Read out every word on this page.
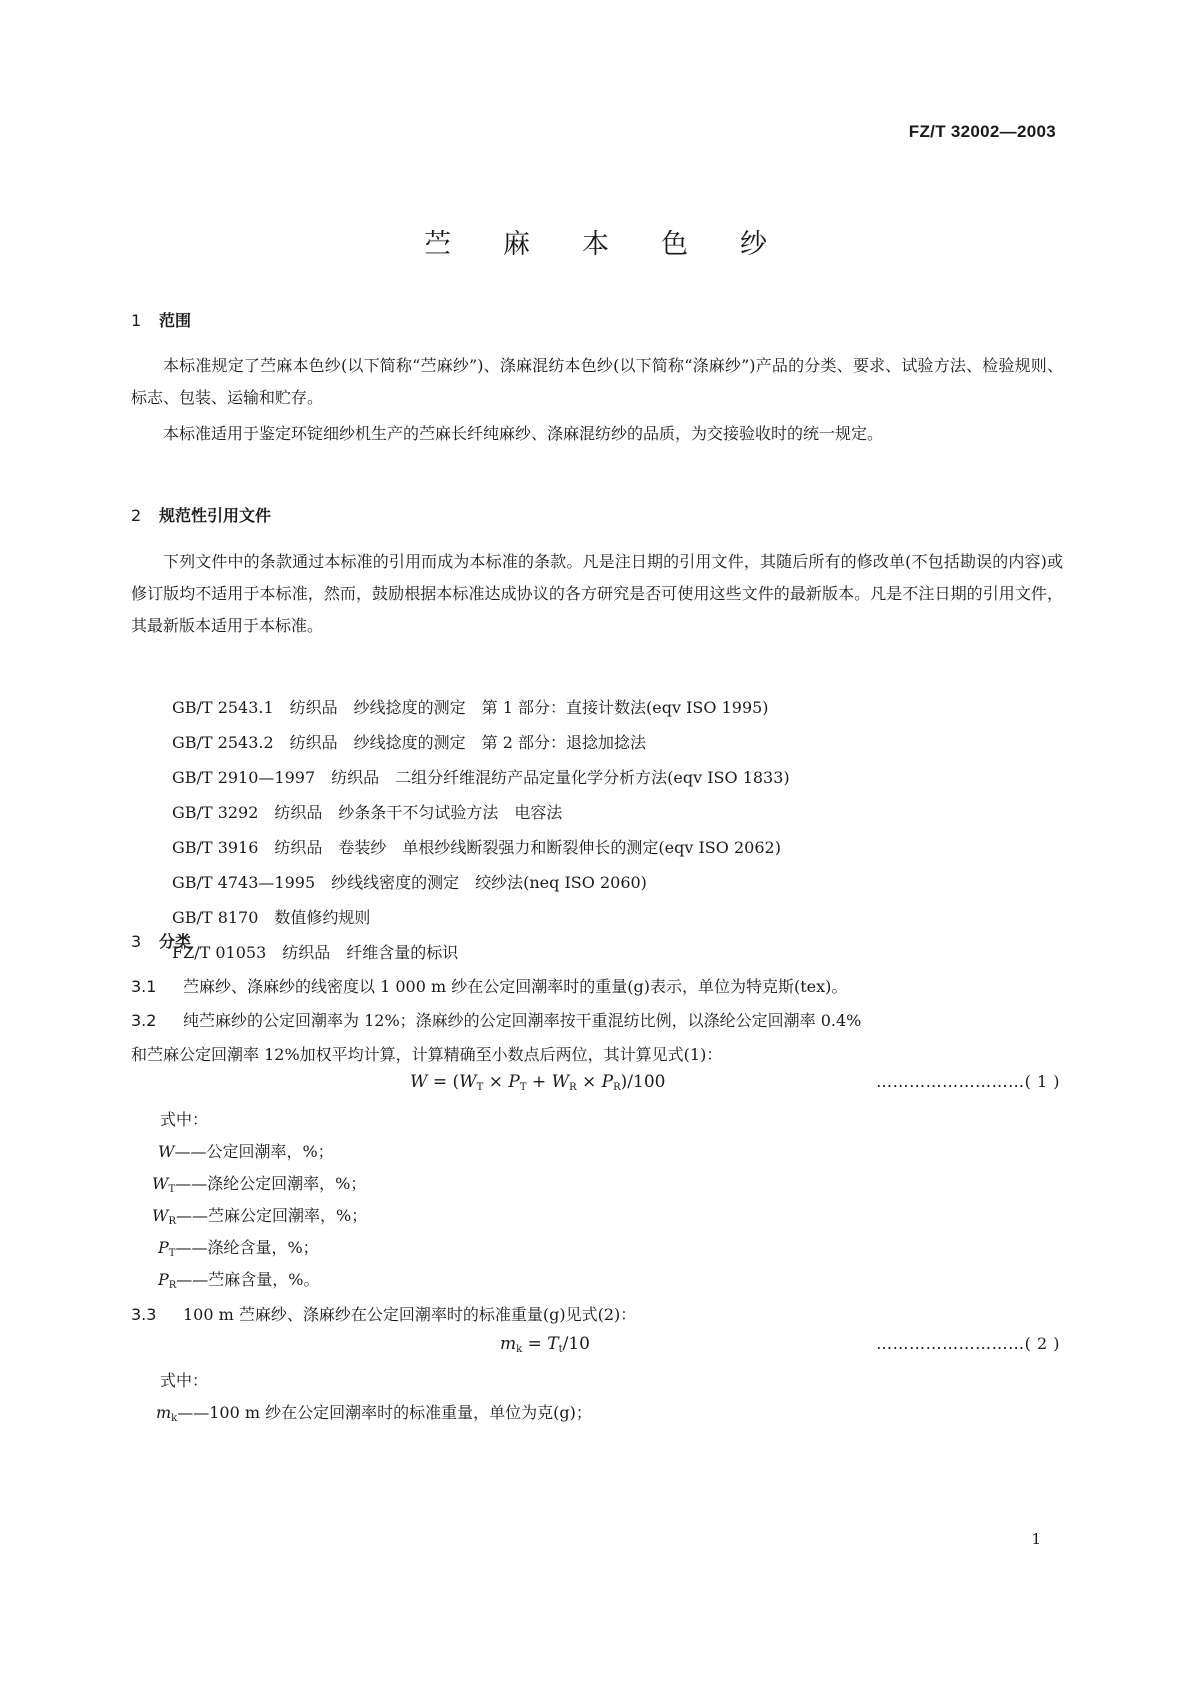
FZ/T 32002—2003
苎麻本色纱
1 范围

本标准规定了苎麻本色纱(以下简称“苎麻纱”)、涤麻混纺本色纱(以下简称“涤麻纱”)产品的分类、要求、试验方法、检验规则、标志、包装、运输和贮存。

本标准适用于鉴定环锭细纱机生产的苎麻长纤纯麻纱、涤麻混纺纱的品质，为交接验收时的统一规定。

2 规范性引用文件

下列文件中的条款通过本标准的引用而成为本标准的条款。凡是注日期的引用文件，其随后所有的修改单(不包括勘误的内容)或修订版均不适用于本标准，然而，鼓励根据本标准达成协议的各方研究是否可使用这些文件的最新版本。凡是不注日期的引用文件，其最新版本适用于本标准。

GB/T 2543.1　纺织品　纱线捻度的测定　第 1 部分：直接计数法(eqv ISO 1995)
GB/T 2543.2　纺织品　纱线捻度的测定　第 2 部分：退捻加捻法
GB/T 2910—1997　纺织品　二组分纤维混纺产品定量化学分析方法(eqv ISO 1833)
GB/T 3292　纺织品　纱条条干不匀试验方法　电容法
GB/T 3916　纺织品　卷装纱　单根纱线断裂强力和断裂伸长的测定(eqv ISO 2062)
GB/T 4743—1995　纱线线密度的测定　绞纱法(neq ISO 2060)
GB/T 8170　数值修约规则
FZ/T 01053　纺织品　纤维含量的标识
3 分类
3.1 苎麻纱、涤麻纱的线密度以 1 000 m 纱在公定回潮率时的重量(g)表示，单位为特克斯(tex)。
3.2 纯苎麻纱的公定回潮率为 12%；涤麻纱的公定回潮率按干重混纺比例，以涤纶公定回潮率 0.4%
和苎麻公定回潮率 12%加权平均计算，计算精确至小数点后两位，其计算见式(1)：
$W = (W_T \times P_T + W_R \times P_R)/100$	………………………( 1 )
式中：
W——公定回潮率，%；
$W_T——$涤纶公定回潮率，%；
$W_R——$苎麻公定回潮率，%；
$P_T——$涤纶含量，%；
$P_R——$苎麻含量，%。
3.3 100 m 苎麻纱、涤麻纱在公定回潮率时的标准重量(g)见式(2)：
$m_k = T_t/10$	………………………( 2 )
式中：
$m_k——100$ m 纱在公定回潮率时的标准重量，单位为克(g)；
1
